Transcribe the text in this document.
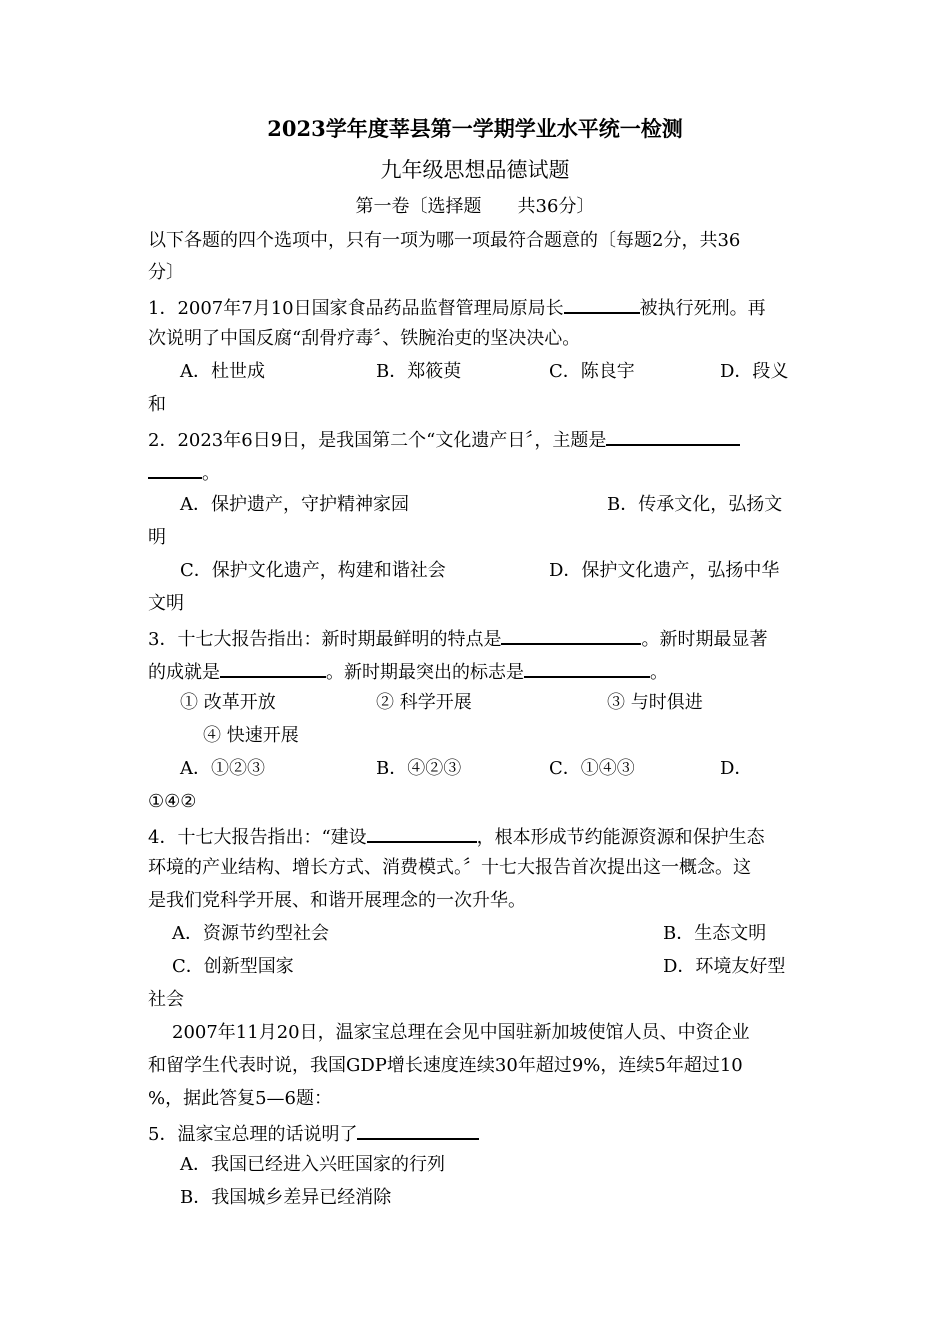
2023学年度莘县第一学期学业水平统一检测
九年级思想品德试题
第一卷〔选择题　　共36分〕
以下各题的四个选项中，只有一项为哪一项最符合题意的〔每题2分，共36
分〕
1．2007年7月10日国家食品药品监督管理局原局长	被执行死刑。再
次说明了中国反腐“刮骨疗毒〞、铁腕治吏的坚决决心。
A．杜世成	B．郑筱萸	C．陈良宇	D．段义
和
2．2023年6日9日，是我国第二个“文化遗产日〞，主题是
。
A．保护遗产，守护精神家园	B．传承文化，弘扬文
明
C．保护文化遗产，构建和谐社会	D．保护文化遗产，弘扬中华
文明
3．十七大报告指出：新时期最鲜明的特点是	。新时期最显著
的成就是	。新时期最突出的标志是	。
① 改革开放	② 科学开展	③ 与时俱进
④ 快速开展
A．①②③	B．④②③	C．①④③	D．
①④②
4．十七大报告指出：“建设	，根本形成节约能源资源和保护生态
环境的产业结构、增长方式、消费模式。〞十七大报告首次提出这一概念。这
是我们党科学开展、和谐开展理念的一次升华。
A．资源节约型社会	B．生态文明
C．创新型国家	D．环境友好型
社会
2007年11月20日，温家宝总理在会见中国驻新加坡使馆人员、中资企业
和留学生代表时说，我国GDP增长速度连续30年超过9%，连续5年超过10
%，据此答复5—6题：
5．温家宝总理的话说明了
A．我国已经进入兴旺国家的行列
B．我国城乡差异已经消除
